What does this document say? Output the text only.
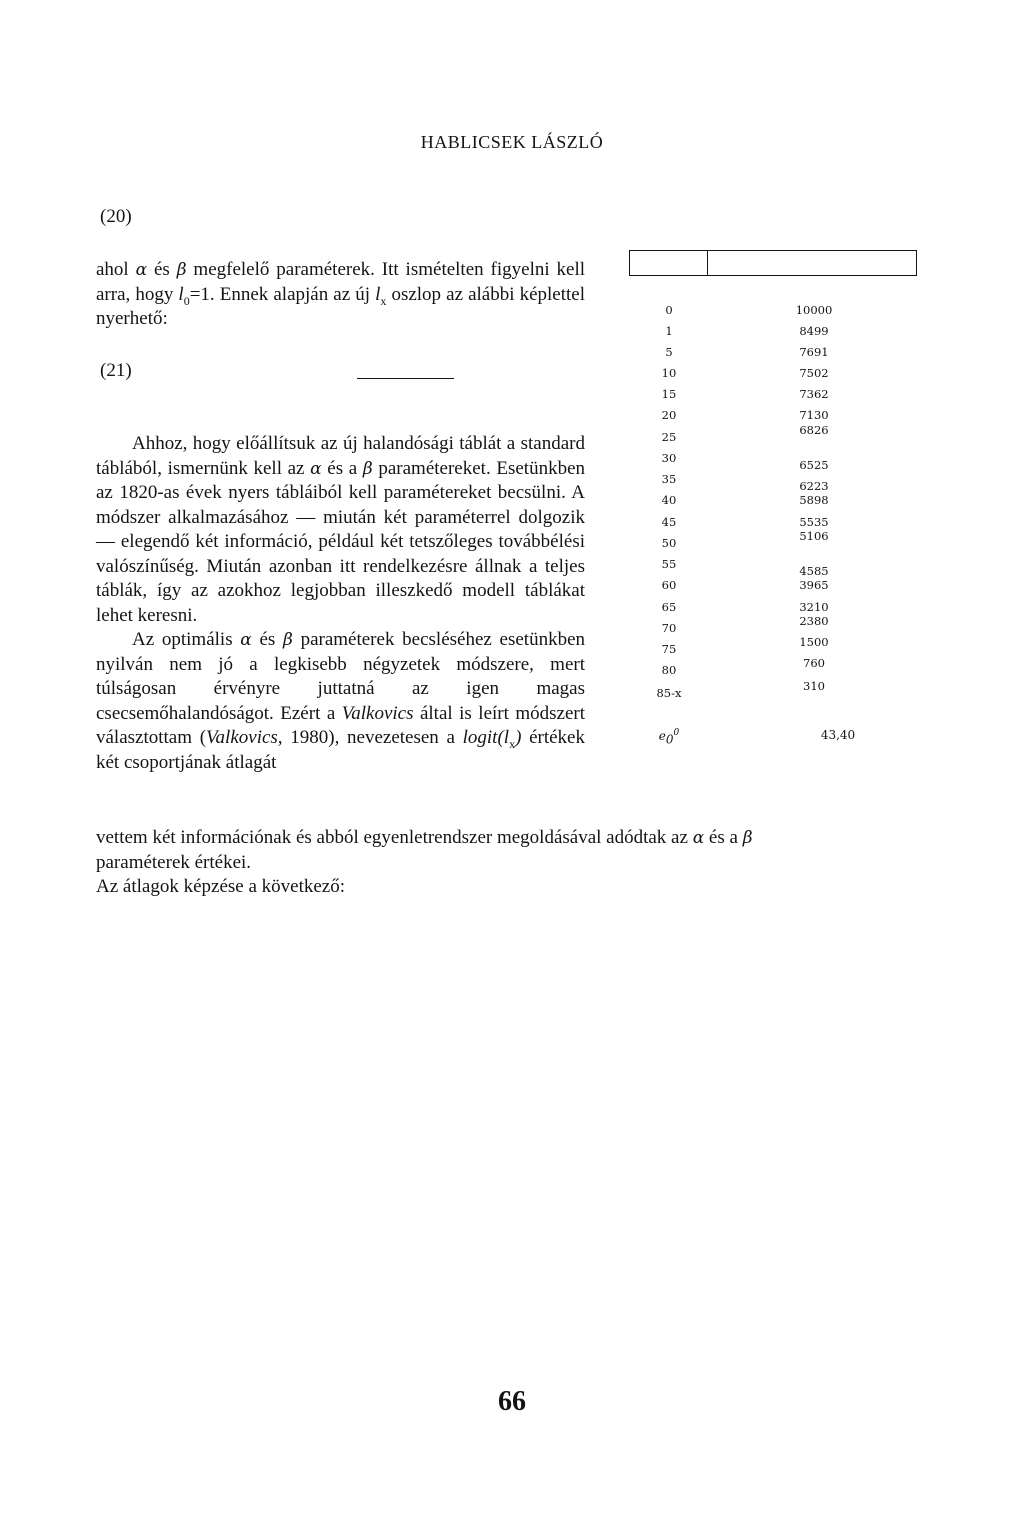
HABLICSEK LÁSZLÓ
(20)

ahol α és β megfelelő paraméterek. Itt ismételten figyelni kell arra, hogy $l_0=1$. Ennek alapján az új $l_x$ oszlop az alábbi képlettel nyerhető:

(21)

Ahhoz, hogy előállítsuk az új halandósági táblát a standard táblából, ismernünk kell az α és a β paramétereket. Esetünkben az 1820-as évek nyers tábláiból kell paramétereket becsülni. A módszer alkalmazásához — miután két paraméterrel dolgozik — elegendő két információ, például két tetszőleges továbbélési valószínűség. Miután azonban itt rendelkezésre állnak a teljes táblák, így az azokhoz legjobban illeszkedő modell táblákat lehet keresni.

Az optimális α és β paraméterek becsléséhez esetünkben nyilván nem jó a legkisebb négyzetek módszere, mert túlságosan érvényre juttatná az igen magas csecsemőhalandóságot. Ezért a Valkovics által is leírt módszert választottam (Valkovics, 1980), nevezetesen a $logit(l_x)$ értékek két csoportjának átlagát

vettem két információnak és abból egyenletrendszer megoldásával adódtak az α és a β

paraméterek értékei.

Az átlagok képzése a következő:

0	10000
1	8499
5	7691
10	7502
15	7362
20	7130
25	6826
30	6525
35	6223
40	5898
45	5535
50	5106
55	4585
60	3965
65	3210
70	2380
75	1500
80	760
85-x	310
$e_0^0$	43,40
66
